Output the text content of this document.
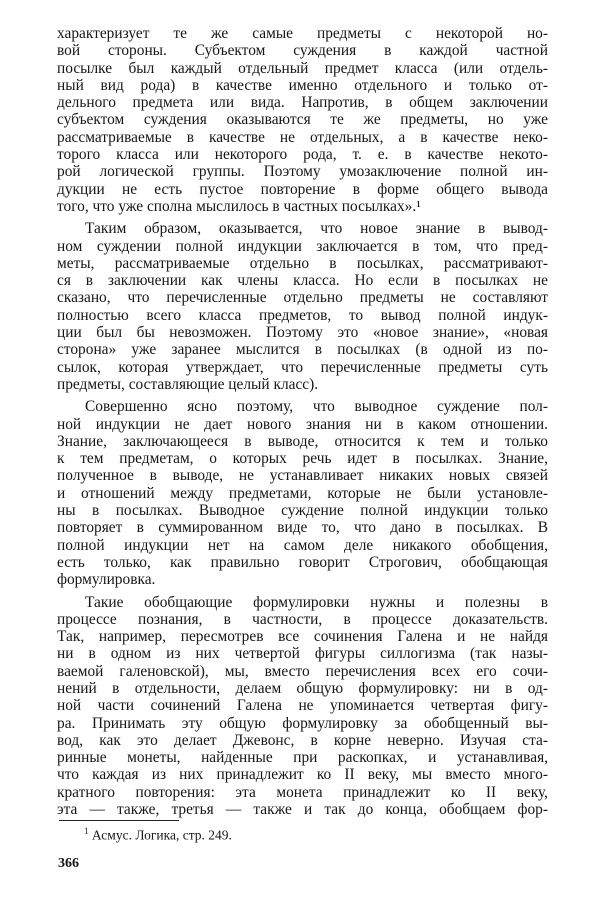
характеризует те же самые предметы с некоторой но-
вой стороны. Субъектом суждения в каждой частной
посылке был каждый отдельный предмет класса (или отдель-
ный вид рода) в качестве именно отдельного и только от-
дельного предмета или вида. Напротив, в общем заключении
субъектом суждения оказываются те же предметы, но уже
рассматриваемые в качестве не отдельных, а в качестве неко-
торого класса или некоторого рода, т. е. в качестве некото-
рой логической группы. Поэтому умозаключение полной ин-
дукции не есть пустое повторение в форме общего вывода
того, что уже сполна мыслилось в частных посылках».¹
Таким образом, оказывается, что новое знание в вывод-
ном суждении полной индукции заключается в том, что пред-
меты, рассматриваемые отдельно в посылках, рассматривают-
ся в заключении как члены класса. Но если в посылках не
сказано, что перечисленные отдельно предметы не составляют
полностью всего класса предметов, то вывод полной индук-
ции был бы невозможен. Поэтому это «новое знание», «новая
сторона» уже заранее мыслится в посылках (в одной из по-
сылок, которая утверждает, что перечисленные предметы суть
предметы, составляющие целый класс).
Совершенно ясно поэтому, что выводное суждение пол-
ной индукции не дает нового знания ни в каком отношении.
Знание, заключающееся в выводе, относится к тем и только
к тем предметам, о которых речь идет в посылках. Знание,
полученное в выводе, не устанавливает никаких новых связей
и отношений между предметами, которые не были установле-
ны в посылках. Выводное суждение полной индукции только
повторяет в суммированном виде то, что дано в посылках. В
полной индукции нет на самом деле никакого обобщения,
есть только, как правильно говорит Строгович, обобщающая
формулировка.
Такие обобщающие формулировки нужны и полезны в
процессе познания, в частности, в процессе доказательств.
Так, например, пересмотрев все сочинения Галена и не найдя
ни в одном из них четвертой фигуры силлогизма (так назы-
ваемой галеновской), мы, вместо перечисления всех его сочи-
нений в отдельности, делаем общую формулировку: ни в од-
ной части сочинений Галена не упоминается четвертая фигу-
ра. Принимать эту общую формулировку за обобщенный вы-
вод, как это делает Джевонс, в корне неверно. Изучая ста-
ринные монеты, найденные при раскопках, и устанавливая,
что каждая из них принадлежит ко II веку, мы вместо много-
кратного повторения: эта монета принадлежит ко II веку,
эта — также, третья — также и так до конца, обобщаем фор-
$^1$ Асмус. Логика, стр. 249.
366
